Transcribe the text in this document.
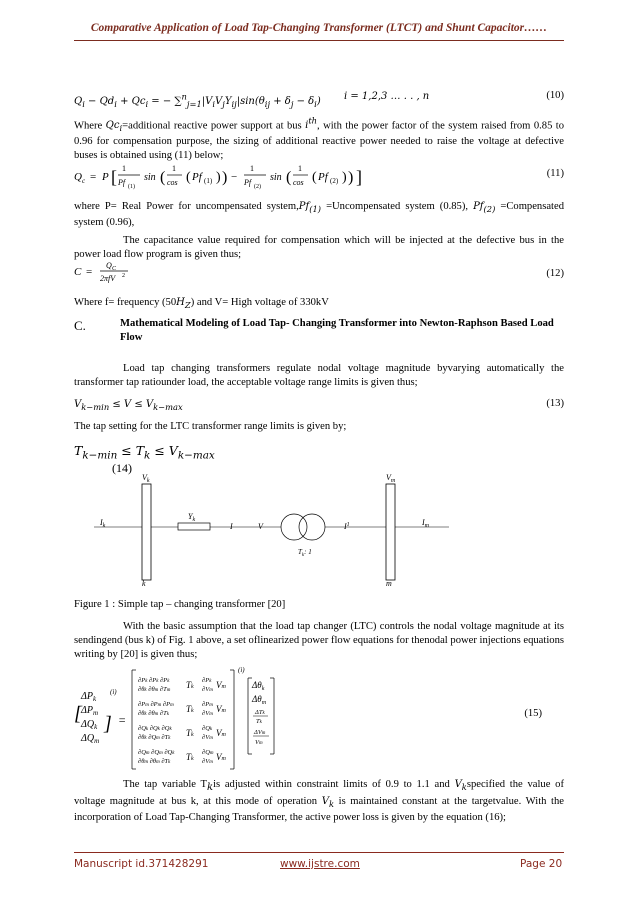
Comparative Application of Load Tap-Changing Transformer (LTCT) and Shunt Capacitor……
$Q_i - Qd_i + Qc_i$ = − $\sum^n_{j=1}|V_iV_jY_{ij}|\sin(\theta_{ij} + \delta_j - \delta_i) i = 1,2,3$ … . . , n	(10)
Where $Qc_i=additional$ reactive power support at bus $i^{th}$, with the power factor of the system raised from 0.85 to 0.96 for compensation purpose, the sizing of additional reactive power needed to raise the voltage at defective buses is obtained using (11) below;
Q c = P [ 1
Pf (1)
sin (
1
cos ( Pf (1) ) ) −
1
Pf (2)
sin (
1
cos ( Pf (2) ) ) ]	(11)
where P= Real Power for uncompensated $system,Pf_{(1)}$ =Uncompensated system (0.85), $Pf_{(2)}$ =Compensated system (0.96),
The capacitance value required for compensation which will be injected at the defective bus in the power load flow program is given thus;
C =
Q C
2πfV 2	(12)
Where f= frequency $(50H_Z)$ and V= High voltage of 330kV
C.	Mathematical Modeling of Load Tap- Changing Transformer into Newton-Raphson Based Load Flow
Load tap changing transformers regulate nodal voltage magnitude byvarying automatically the transformer tap ratiounder load, the acceptable voltage range limits is given thus;
$V_{k-min} \le V \le V_{k-max}$	(13)
The tap setting for the LTC transformer range limits is given by;
$T_{k-min} \le T_k \le V_{k-max}$
(14)
$V_k$	$V_m$
$Y_k$
$I_k$	I	V	$I^1$	$I_m$
$T_k$: 1
k	m
Figure 1 : Simple tap – changing transformer [20]
With the basic assumption that the load tap changer (LTC) controls the nodal voltage magnitude at its sendingend (bus k) of Fig. 1 above, a set oflinearized power flow equations for thenodal power injections equations writing by [20] is given thus;
[
$\Delta P_k$
$\Delta P_m$
$\Delta Q_k$
$\Delta Q_m$
]
(i)
=
∂Pk ∂Pk ∂Pk
∂θk ∂θm ∂Tm
Tk
∂Pk
∂Vm
Vm
∂Pm ∂Pm ∂Pm
∂θk ∂θm ∂Tk
Tk
∂Pm
∂Vm
Vm
∂Qk ∂Qk ∂Qk
∂θk ∂Qm ∂Tk
Tk
∂Qk
∂Vm
Vm
∂Qm ∂Qm ∂Qk
∂θm ∂θm ∂Tk
Tk
∂Qm
∂Vm
Vm
(i)
$\Delta\theta_k$
$\Delta\theta_m$
ΔTk
Tk
ΔVm
Vm
(15)
The tap variable $T_kis$ adjusted within constraint limits of 0.9 to 1.1 and $V_kspecified$ the value of voltage magnitude at bus k, at this mode of operation $V_k$ is maintained constant at the targetvalue. With the incorporation of Load Tap-Changing Transformer, the active power loss is given by the equation (16);
Manuscript id.371428291	www.ijstre.com	Page 20
